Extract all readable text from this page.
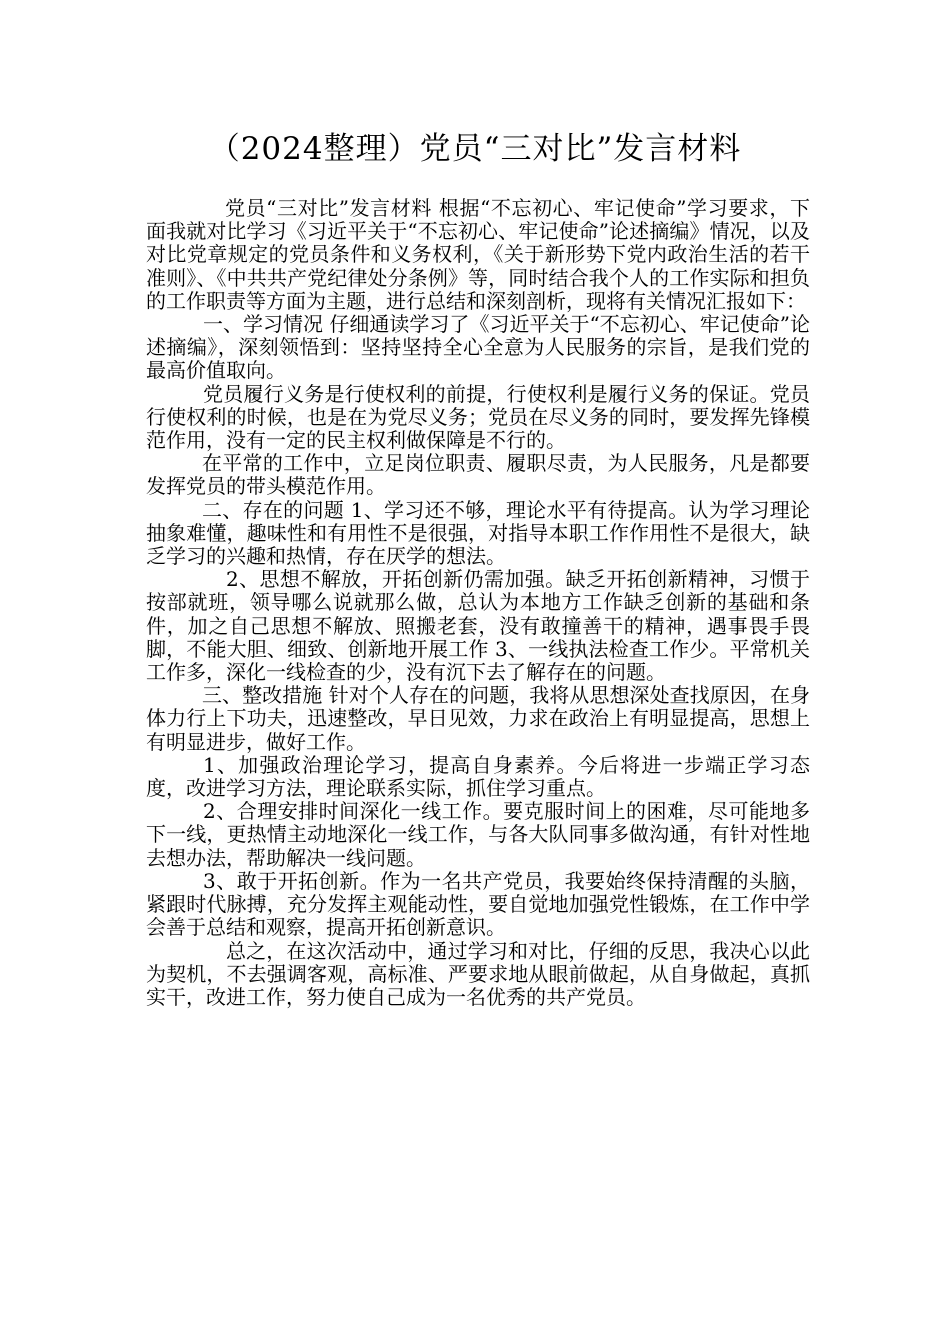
（2024整理）党员“三对比”发言材料

党员“三对比”发言材料 根据“不忘初心、牢记使命”学习要求，下面我就对比学习《习近平关于“不忘初心、牢记使命”论述摘编》情况，以及对比党章规定的党员条件和义务权利，《关于新形势下党内政治生活的若干准则》、《中共共产党纪律处分条例》等，同时结合我个人的工作实际和担负的工作职责等方面为主题，进行总结和深刻剖析，现将有关情况汇报如下：

一、学习情况 仔细通读学习了《习近平关于“不忘初心、牢记使命”论述摘编》，深刻领悟到：坚持坚持全心全意为人民服务的宗旨，是我们党的最高价值取向。

党员履行义务是行使权利的前提，行使权利是履行义务的保证。党员行使权利的时候，也是在为党尽义务；党员在尽义务的同时，要发挥先锋模范作用，没有一定的民主权利做保障是不行的。

在平常的工作中，立足岗位职责、履职尽责，为人民服务，凡是都要发挥党员的带头模范作用。

二、存在的问题 1、学习还不够，理论水平有待提高。认为学习理论抽象难懂，趣味性和有用性不是很强，对指导本职工作作用性不是很大，缺乏学习的兴趣和热情，存在厌学的想法。

2、思想不解放，开拓创新仍需加强。缺乏开拓创新精神，习惯于按部就班，领导哪么说就那么做，总认为本地方工作缺乏创新的基础和条件，加之自己思想不解放、照搬老套，没有敢撞善干的精神，遇事畏手畏脚，不能大胆、细致、创新地开展工作 3、一线执法检查工作少。平常机关工作多，深化一线检查的少，没有沉下去了解存在的问题。

三、整改措施 针对个人存在的问题，我将从思想深处查找原因，在身体力行上下功夫，迅速整改，早日见效，力求在政治上有明显提高，思想上有明显进步，做好工作。

1、加强政治理论学习，提高自身素养。今后将进一步端正学习态度，改进学习方法，理论联系实际，抓住学习重点。

2、合理安排时间深化一线工作。要克服时间上的困难，尽可能地多下一线，更热情主动地深化一线工作，与各大队同事多做沟通，有针对性地去想办法，帮助解决一线问题。

3、敢于开拓创新。作为一名共产党员，我要始终保持清醒的头脑，紧跟时代脉搏，充分发挥主观能动性，要自觉地加强党性锻炼，在工作中学会善于总结和观察，提高开拓创新意识。

总之，在这次活动中，通过学习和对比，仔细的反思，我决心以此为契机，不去强调客观，高标准、严要求地从眼前做起，从自身做起，真抓实干，改进工作，努力使自己成为一名优秀的共产党员。
